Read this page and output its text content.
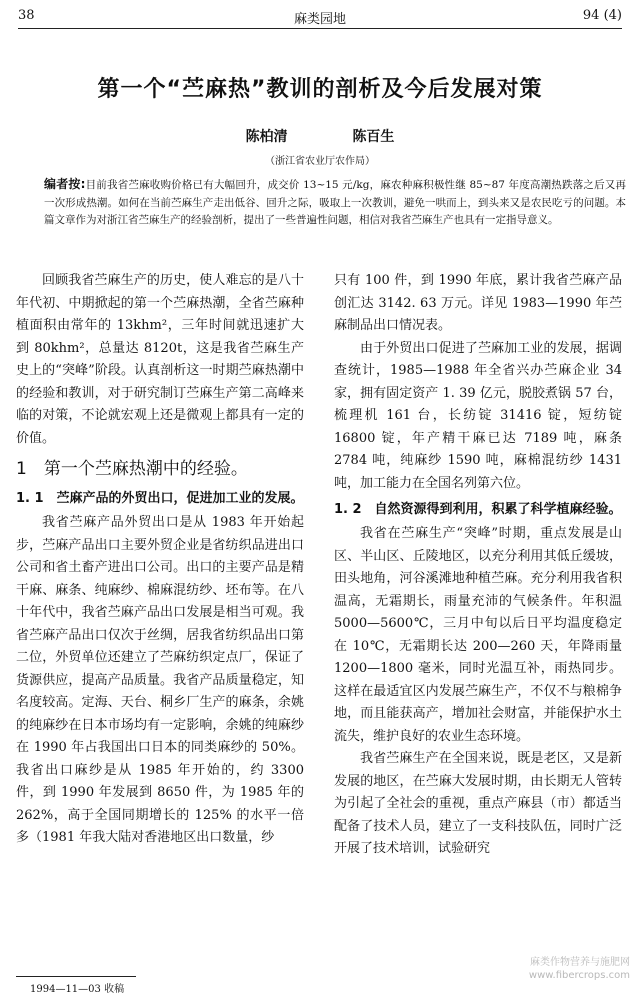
38	麻类园地	94 (4)
第一个“苎麻热”教训的剖析及今后发展对策
陈柏清	陈百生
（浙江省农业厅农作局）
编者按:目前我省苎麻收购价格已有大幅回升，成交价 13~15 元/kg，麻农种麻积极性继 85~87 年度高潮热跌落之后又再一次形成热潮。如何在当前苎麻生产走出低谷、回升之际，吸取上一次教训，避免一哄而上，到头来又是农民吃亏的问题。本篇文章作为对浙江省苎麻生产的经验剖析，提出了一些普遍性问题，相信对我省苎麻生产也具有一定指导意义。

回顾我省苎麻生产的历史，使人难忘的是八十年代初、中期掀起的第一个苎麻热潮，全省苎麻种植面积由常年的 13khm²，三年时间就迅速扩大到 80khm²，总量达 8120t，这是我省苎麻生产史上的“突峰”阶段。认真剖析这一时期苎麻热潮中的经验和教训，对于研究制订苎麻生产第二高峰来临的对策，不论就宏观上还是微观上都具有一定的价值。

1　第一个苎麻热潮中的经验。
1. 1　苎麻产品的外贸出口，促进加工业的发展。

我省苎麻产品外贸出口是从 1983 年开始起步，苎麻产品出口主要外贸企业是省纺织品进出口公司和省土畜产进出口公司。出口的主要产品是精干麻、麻条、纯麻纱、棉麻混纺纱、坯布等。在八十年代中，我省苎麻产品出口发展是相当可观。我省苎麻产品出口仅次于丝绸，居我省纺织品出口第二位，外贸单位还建立了苎麻纺织定点厂，保证了货源供应，提高产品质量。我省产品质量稳定，知名度较高。定海、天台、桐乡厂生产的麻条，余姚的纯麻纱在日本市场均有一定影响，余姚的纯麻纱在 1990 年占我国出口日本的同类麻纱的 50%。我省出口麻纱是从 1985 年开始的，约 3300 件，到 1990 年发展到 8650 件，为 1985 年的 262%，高于全国同期增长的 125% 的水平一倍多（1981 年我大陆对香港地区出口数量，纱

只有 100 件，到 1990 年底，累计我省苎麻产品创汇达 3142. 63 万元。详见 1983—1990 年苎麻制品出口情况表。

由于外贸出口促进了苎麻加工业的发展，据调查统计，1985—1988 年全省兴办苎麻企业 34 家，拥有固定资产 1. 39 亿元，脱胶煮锅 57 台，梳理机 161 台，长纺锭 31416 锭，短纺锭 16800 锭，年产精干麻已达 7189 吨，麻条 2784 吨，纯麻纱 1590 吨，麻棉混纺纱 1431 吨，加工能力在全国名列第六位。

1. 2　自然资源得到利用，积累了科学植麻经验。

我省在苎麻生产“突峰”时期，重点发展是山区、半山区、丘陵地区，以充分利用其低丘缓坡，田头地角，河谷溪滩地种植苎麻。充分利用我省积温高，无霜期长，雨量充沛的气候条件。年积温 5000—5600℃，三月中旬以后日平均温度稳定在 10℃，无霜期长达 200—260 天，年降雨量 1200—1800 毫米，同时光温互补，雨热同步。这样在最适宜区内发展苎麻生产，不仅不与粮棉争地，而且能获高产，增加社会财富，并能保护水土流失，维护良好的农业生态环境。

我省苎麻生产在全国来说，既是老区，又是新发展的地区，在苎麻大发展时期，由长期无人管转为引起了全社会的重视，重点产麻县（市）都适当配备了技术人员，建立了一支科技队伍，同时广泛开展了技术培训，试验研究

1994—11—03 收稿
麻类作物营养与施肥网
www.fibercrops.com
